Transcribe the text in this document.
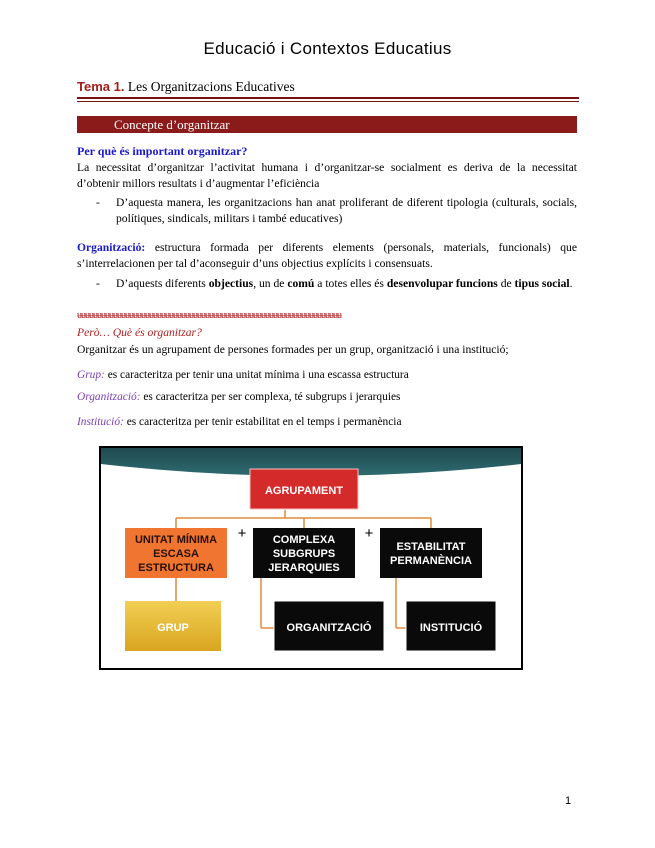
Educació i Contextos Educatius
Tema 1. Les Organitzacions Educatives
Concepte d’organitzar
Per què és important organitzar?
La necessitat d’organitzar l’activitat humana i d’organitzar-se socialment es deriva de la necessitat d’obtenir millors resultats i d’augmentar l’eficiència
-	D’aquesta manera, les organitzacions han anat proliferant de diferent tipologia (culturals, socials, polítiques, sindicals, militars i també educatives)
Organització: estructura formada per diferents elements (personals, materials, funcionals) que s’interrelacionen per tal d’aconseguir d’uns objectius explícits i consensuats.
-	D’aquests diferents objectius, un de comú a totes elles és desenvolupar funcions de tipus social.
ʉʉʉʉʉʉʉʉʉʉʉʉʉʉʉʉʉʉʉʉʉʉʉʉʉʉʉʉʉʉʉʉʉʉʉʉʉʉʉʉʉʉʉʉʉʉʉʉʉʉʉʉʉʉʉʉʉʉʉʉʉʉʉʉʉʉ
Però… Què és organitzar?
Organitzar és un agrupament de persones formades per un grup, organització i una institució;
Grup: es caracteritza per tenir una unitat mínima i una escassa estructura
Organització: es caracteritza per ser complexa, té subgrups i jerarquies
Institució: es caracteritza per tenir estabilitat en el temps i permanència
AGRUPAMENT
UNITAT MÍNIMA
ESCASA
ESTRUCTURA
+ COMPLEXA
SUBGRUPS
JERARQUIES
+
ESTABILITAT
PERMANÈNCIA
GRUP	ORGANITZACIÓ	INSTITUCIÓ
1
